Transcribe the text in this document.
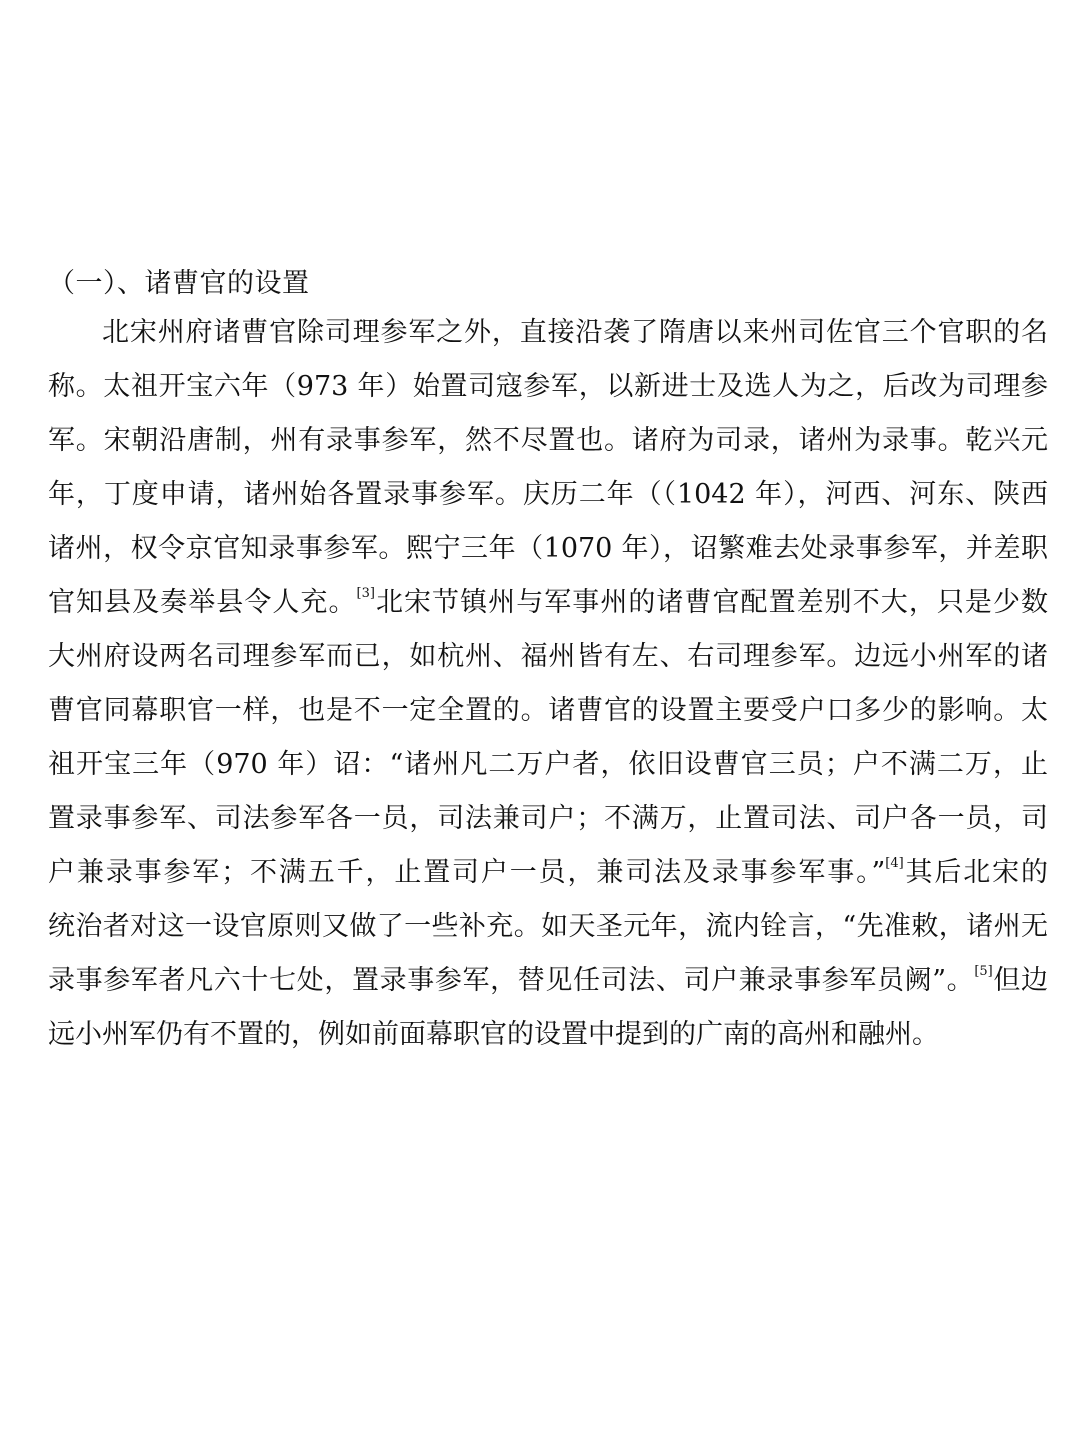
（一）、诸曹官的设置
北宋州府诸曹官除司理参军之外，直接沿袭了隋唐以来州司佐官三个官职的名
称。太祖开宝六年（973 年）始置司寇参军，以新进士及选人为之，后改为司理参
军。宋朝沿唐制，州有录事参军，然不尽置也。诸府为司录，诸州为录事。乾兴元
年，丁度申请，诸州始各置录事参军。庆历二年（（1042 年），河西、河东、陕西
诸州，权令京官知录事参军。熙宁三年（1070 年），诏繁难去处录事参军，并差职
官知县及奏举县令人充。[3]北宋节镇州与军事州的诸曹官配置差别不大，只是少数
大州府设两名司理参军而已，如杭州、福州皆有左、右司理参军。边远小州军的诸
曹官同幕职官一样，也是不一定全置的。诸曹官的设置主要受户口多少的影响。太
祖开宝三年（970 年）诏：“诸州凡二万户者，依旧设曹官三员；户不满二万，止
置录事参军、司法参军各一员，司法兼司户；不满万，止置司法、司户各一员，司
户兼录事参军；不满五千，止置司户一员，兼司法及录事参军事。”[4]其后北宋的
统治者对这一设官原则又做了一些补充。如天圣元年，流内铨言，“先准敕，诸州无
录事参军者凡六十七处，置录事参军，替见任司法、司户兼录事参军员阙”。[5]但边
远小州军仍有不置的，例如前面幕职官的设置中提到的广南的高州和融州。
